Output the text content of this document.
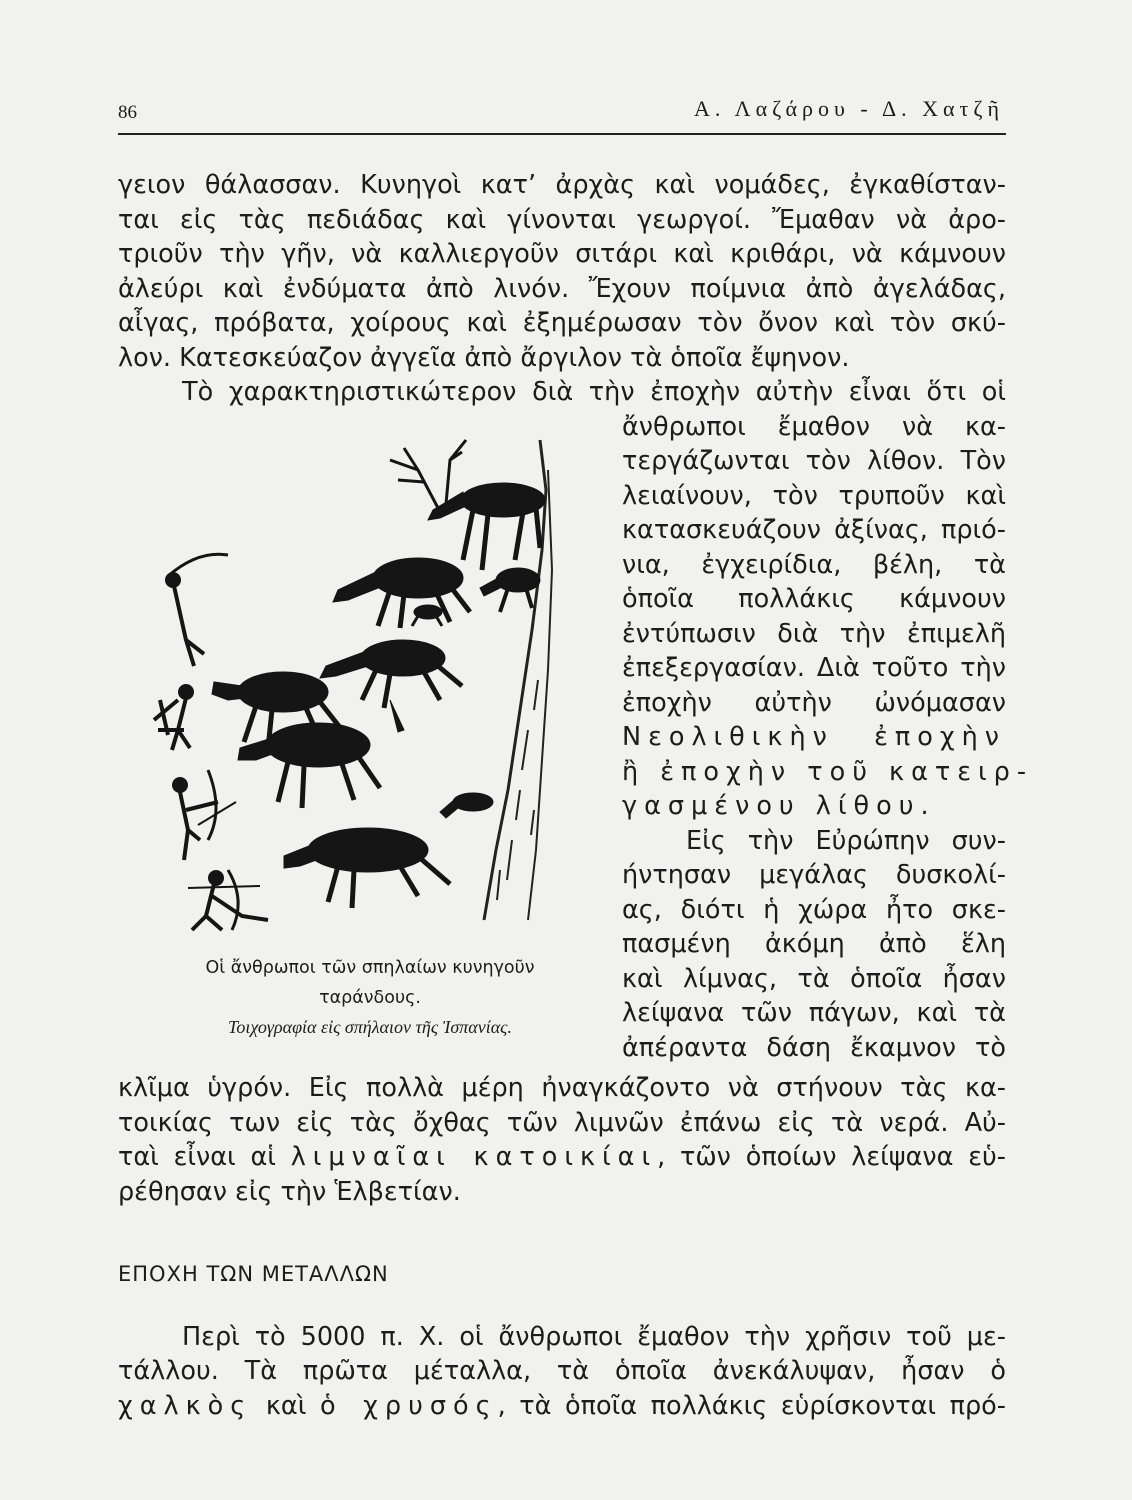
86	Α. Λαζάρου - Δ. Χατζῆ
γειον θάλασσαν. Κυνηγοὶ κατ’ ἀρχὰς καὶ νομάδες, ἐγκαθίσταν-
ται εἰς τὰς πεδιάδας καὶ γίνονται γεωργοί. Ἔμαθαν νὰ ἀρο-
τριοῦν τὴν γῆν, νὰ καλλιεργοῦν σιτάρι καὶ κριθάρι, νὰ κάμνουν
ἀλεύρι καὶ ἐνδύματα ἀπὸ λινόν. Ἔχουν ποίμνια ἀπὸ ἀγελάδας,
αἶγας, πρόβατα, χοίρους καὶ ἐξημέρωσαν τὸν ὄνον καὶ τὸν σκύ-
λον. Κατεσκεύαζον ἀγγεῖα ἀπὸ ἄργιλον τὰ ὁποῖα ἔψηνον.
Τὸ χαρακτηριστικώτερον διὰ τὴν ἐποχὴν αὐτὴν εἶναι ὅτι οἱ
ἄνθρωποι ἔμαθον νὰ κα-
τεργάζωνται τὸν λίθον. Τὸν
λειαίνουν, τὸν τρυποῦν καὶ
κατασκευάζουν ἀξίνας, πριό-
νια, ἐγχειρίδια, βέλη, τὰ
ὁποῖα πολλάκις κάμνουν
ἐντύπωσιν διὰ τὴν ἐπιμελῆ
ἐπεξεργασίαν. Διὰ τοῦτο τὴν
ἐποχὴν αὐτὴν ὠνόμασαν
Νεολιθικὴν ἐποχὴν
ἢ ἐποχὴν τοῦ κατειρ-
γασμένου λίθου.
Εἰς τὴν Εὐρώπην συν-
ήντησαν μεγάλας δυσκολί-
ας, διότι ἡ χώρα ἦτο σκε-
πασμένη ἀκόμη ἀπὸ ἕλη
καὶ λίμνας, τὰ ὁποῖα ἦσαν
λείψανα τῶν πάγων, καὶ τὰ
ἀπέραντα δάση ἔκαμνον τὸ
Οἱ ἄνθρωποι τῶν σπηλαίων κυνηγοῦν
ταράνδους.
Τοιχογραφία εἰς σπήλαιον τῆς Ἰσπανίας.
κλῖμα ὑγρόν. Εἰς πολλὰ μέρη ἠναγκάζοντο νὰ στήνουν τὰς κα-
τοικίας των εἰς τὰς ὄχθας τῶν λιμνῶν ἐπάνω εἰς τὰ νερά. Αὐ-
ταὶ εἶναι αἱ λιμναῖαι κατοικίαι, τῶν ὁποίων λείψανα εὑ-
ρέθησαν εἰς τὴν Ἑλβετίαν.
ΕΠΟΧΗ ΤΩΝ ΜΕΤΑΛΛΩΝ
Περὶ τὸ 5000 π. Χ. οἱ ἄνθρωποι ἔμαθον τὴν χρῆσιν τοῦ με-
τάλλου. Τὰ πρῶτα μέταλλα, τὰ ὁποῖα ἀνεκάλυψαν, ἦσαν ὁ
χαλκὸς καὶ ὁ χρυσός, τὰ ὁποῖα πολλάκις εὑρίσκονται πρό-
